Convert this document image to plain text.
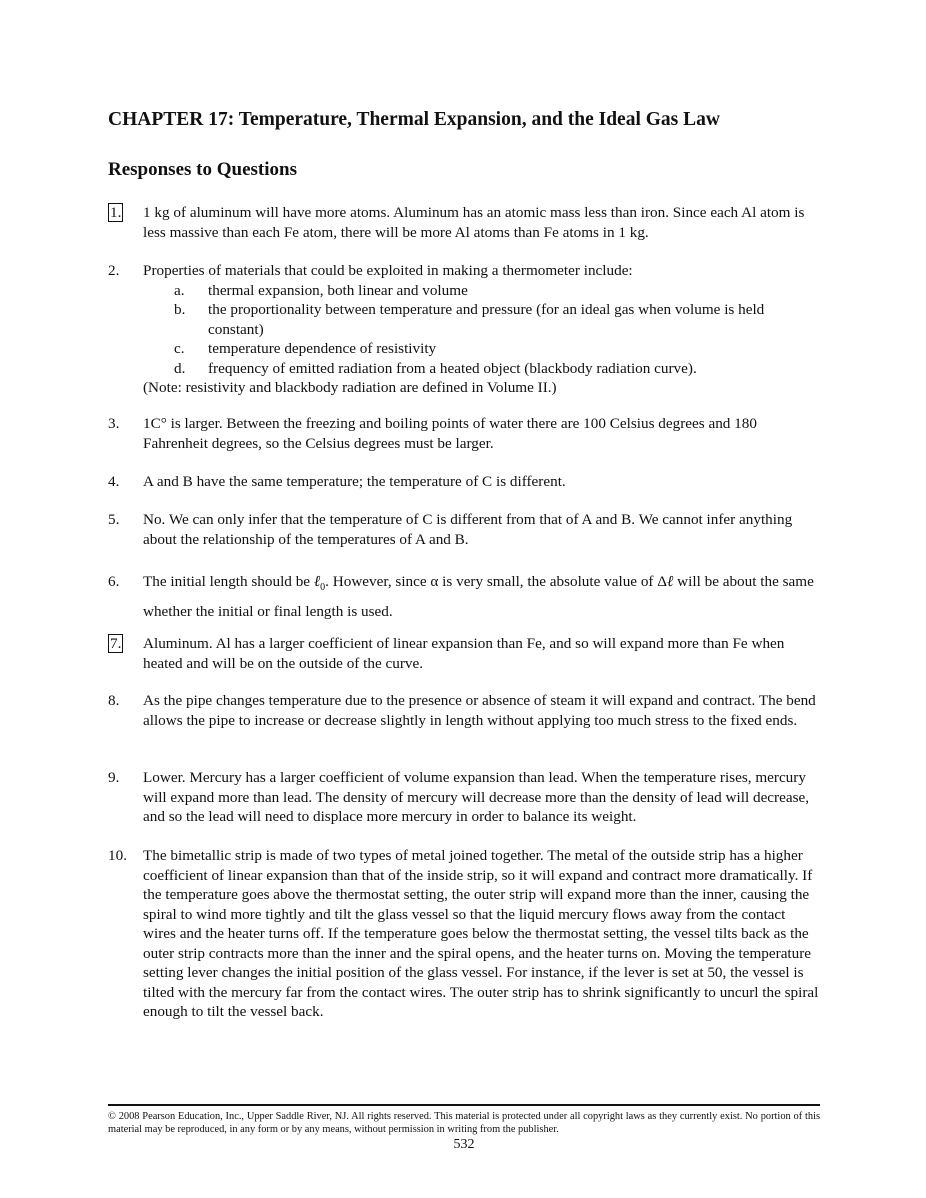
CHAPTER 17: Temperature, Thermal Expansion, and the Ideal Gas Law
Responses to Questions
1.	1 kg of aluminum will have more atoms. Aluminum has an atomic mass less than iron. Since each Al atom is less massive than each Fe atom, there will be more Al atoms than Fe atoms in 1 kg.
2.	Properties of materials that could be exploited in making a thermometer include:
a. thermal expansion, both linear and volume
b. the proportionality between temperature and pressure (for an ideal gas when volume is held constant)
c. temperature dependence of resistivity
d. frequency of emitted radiation from a heated object (blackbody radiation curve).
(Note: resistivity and blackbody radiation are defined in Volume II.)
3.	1C° is larger. Between the freezing and boiling points of water there are 100 Celsius degrees and 180 Fahrenheit degrees, so the Celsius degrees must be larger.
4.	A and B have the same temperature; the temperature of C is different.
5.	No. We can only infer that the temperature of C is different from that of A and B. We cannot infer anything about the relationship of the temperatures of A and B.
6.	The initial length should be ℓ$_0$. However, since α is very small, the absolute value of Δℓ will be about the same whether the initial or final length is used.
7.	Aluminum. Al has a larger coefficient of linear expansion than Fe, and so will expand more than Fe when heated and will be on the outside of the curve.
8.	As the pipe changes temperature due to the presence or absence of steam it will expand and contract. The bend allows the pipe to increase or decrease slightly in length without applying too much stress to the fixed ends.
9.	Lower. Mercury has a larger coefficient of volume expansion than lead. When the temperature rises, mercury will expand more than lead. The density of mercury will decrease more than the density of lead will decrease, and so the lead will need to displace more mercury in order to balance its weight.
10.	The bimetallic strip is made of two types of metal joined together. The metal of the outside strip has a higher coefficient of linear expansion than that of the inside strip, so it will expand and contract more dramatically. If the temperature goes above the thermostat setting, the outer strip will expand more than the inner, causing the spiral to wind more tightly and tilt the glass vessel so that the liquid mercury flows away from the contact wires and the heater turns off. If the temperature goes below the thermostat setting, the vessel tilts back as the outer strip contracts more than the inner and the spiral opens, and the heater turns on. Moving the temperature setting lever changes the initial position of the glass vessel. For instance, if the lever is set at 50, the vessel is tilted with the mercury far from the contact wires. The outer strip has to shrink significantly to uncurl the spiral enough to tilt the vessel back.
© 2008 Pearson Education, Inc., Upper Saddle River, NJ. All rights reserved. This material is protected under all copyright laws as they currently exist. No portion of this material may be reproduced, in any form or by any means, without permission in writing from the publisher.
532
